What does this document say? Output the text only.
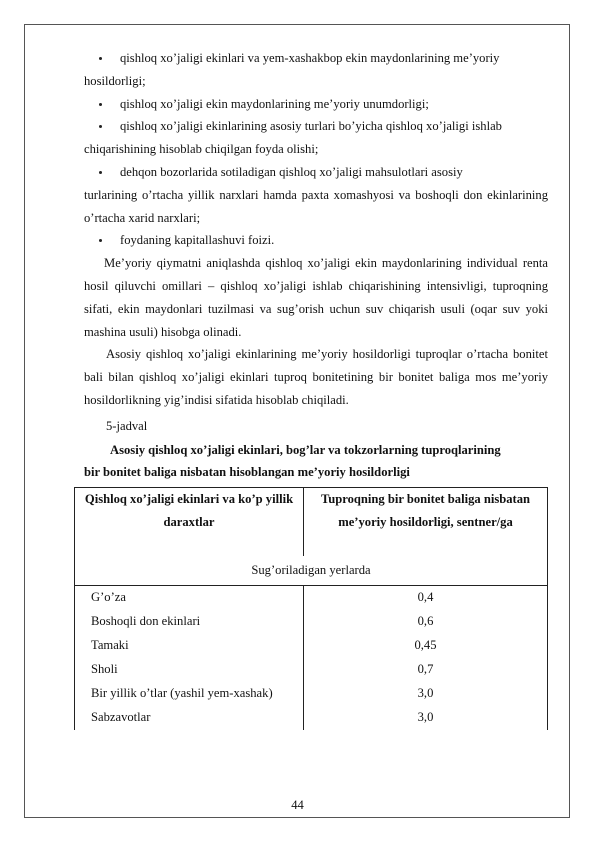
qishloq xo’jaligi ekinlari va yem-xashakbop ekin maydonlarining me’yoriy
hosildorligi;
qishloq xo’jaligi ekin maydonlarining me’yoriy unumdorligi;
qishloq xo’jaligi ekinlarining asosiy turlari bo’yicha qishloq xo’jaligi ishlab
chiqarishining hisoblab chiqilgan foyda olishi;
dehqon bozorlarida sotiladigan qishloq xo’jaligi mahsulotlari asosiy
turlarining o’rtacha yillik narxlari hamda paxta xomashyosi va boshoqli don ekinlarining o’rtacha xarid narxlari;
foydaning kapitallashuvi foizi.
Me’yoriy qiymatni aniqlashda qishloq xo’jaligi ekin maydonlarining individual renta hosil qiluvchi omillari – qishloq xo’jaligi ishlab chiqarishining intensivligi, tuproqning sifati, ekin maydonlari tuzilmasi va sug’orish uchun suv chiqarish usuli (oqar suv yoki mashina usuli) hisobga olinadi.
Asosiy qishloq xo’jaligi ekinlarining me’yoriy hosildorligi tuproqlar o’rtacha bonitet bali bilan qishloq xo’jaligi ekinlari tuproq bonitetining bir bonitet baliga mos me’yoriy hosildorlikning yig’indisi sifatida hisoblab chiqiladi.
5-jadval
Asosiy qishloq xo’jaligi ekinlari, bog’lar va tokzorlarning tuproqlarining
bir bonitet baliga nisbatan hisoblangan me’yoriy hosildorligi
Qishloq xo’jaligi ekinlari va ko’p yillik daraxtlar	Tuproqning bir bonitet baliga nisbatan me’yoriy hosildorligi, sentner/ga
Sug’oriladigan yerlarda	
G’o’za	0,4
Boshoqli don ekinlari	0,6
Tamaki	0,45
Sholi	0,7
Bir yillik o’tlar (yashil yem-xashak)	3,0
Sabzavotlar	3,0
44
